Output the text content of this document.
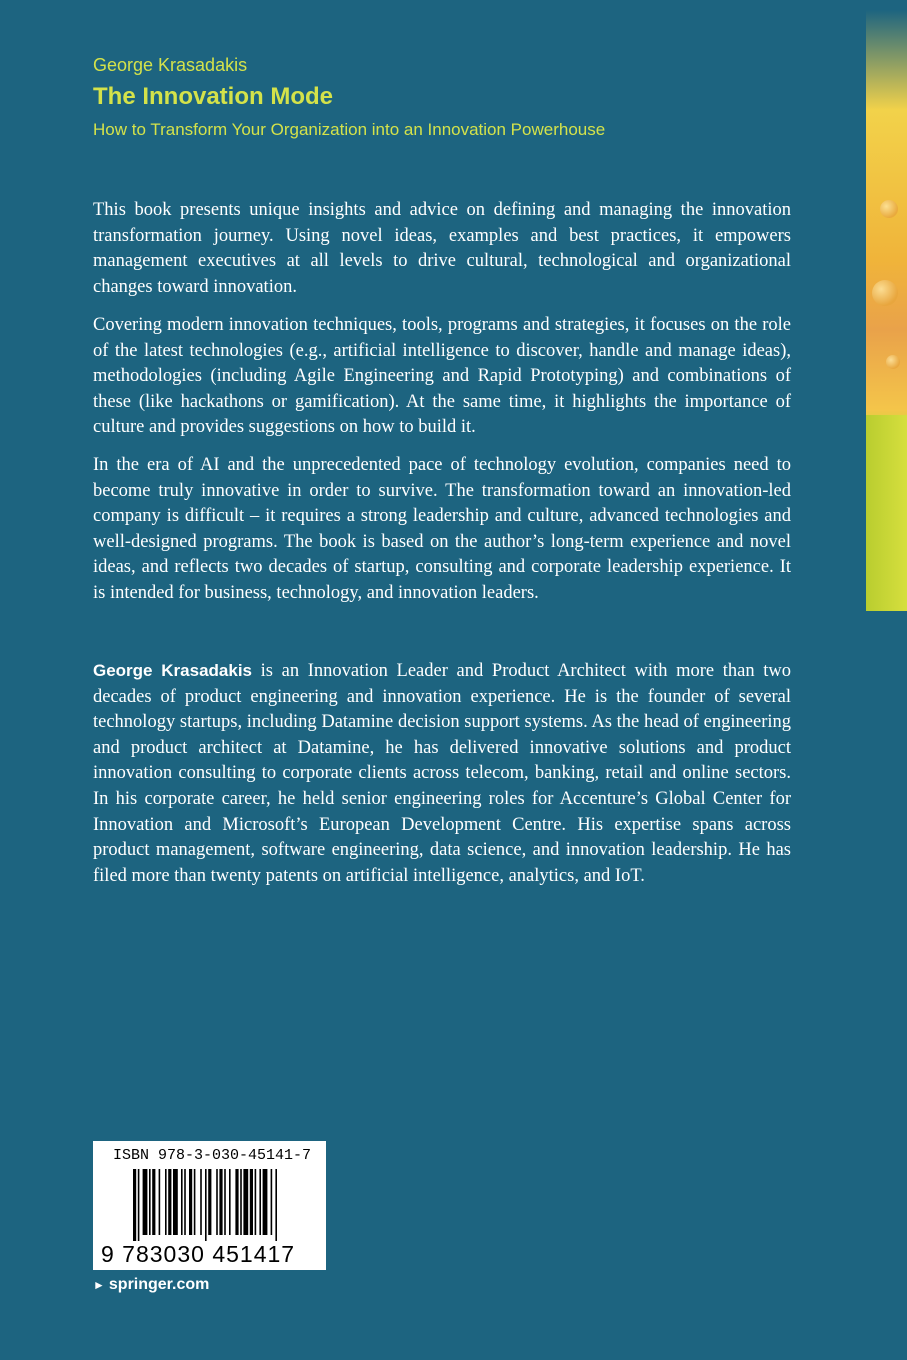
George Krasadakis
The Innovation Mode
How to Transform Your Organization into an Innovation Powerhouse

This book presents unique insights and advice on defining and managing the innovation transformation journey. Using novel ideas, examples and best practices, it empowers management executives at all levels to drive cultural, technological and organizational changes toward innovation.

Covering modern innovation techniques, tools, programs and strategies, it focuses on the role of the latest technologies (e.g., artificial intelligence to discover, handle and manage ideas), methodologies (including Agile Engineering and Rapid Prototyping) and combinations of these (like hackathons or gamification). At the same time, it highlights the importance of culture and provides suggestions on how to build it.

In the era of AI and the unprecedented pace of technology evolution, companies need to become truly innovative in order to survive. The transformation toward an innovation-led company is difficult – it requires a strong leadership and culture, advanced technologies and well-designed programs. The book is based on the author’s long-term experience and novel ideas, and reflects two decades of startup, consulting and corporate leadership experience. It is intended for business, technology, and innovation leaders.

George Krasadakis is an Innovation Leader and Product Architect with more than two decades of product engineering and innovation experience. He is the founder of several technology startups, including Datamine decision support systems. As the head of engineering and product architect at Datamine, he has delivered innovative solutions and product innovation consulting to corporate clients across telecom, banking, retail and online sectors. In his corporate career, he held senior engineering roles for Accenture’s Global Center for Innovation and Microsoft’s European Development Centre. His expertise spans across product management, software engineering, data science, and innovation leadership. He has filed more than twenty patents on artificial intelligence, analytics, and IoT.

ISBN 978-3-030-45141-7
9 783030 451417
► springer.com
